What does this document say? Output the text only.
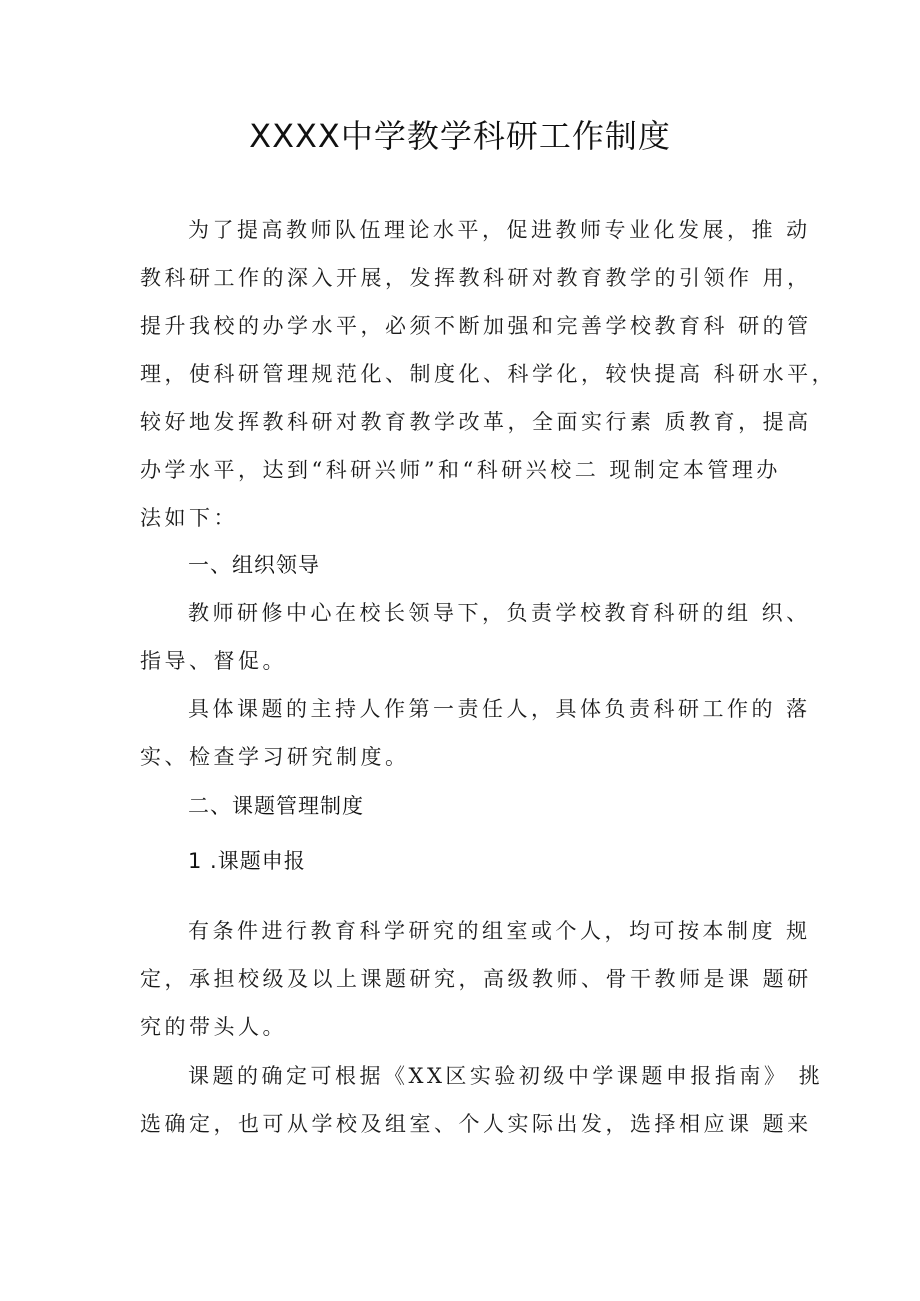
XXXX中学教学科研工作制度
为了提高教师队伍理论水平，促进教师专业化发展，推 动
教科研工作的深入开展，发挥教科研对教育教学的引领作 用，
提升我校的办学水平，必须不断加强和完善学校教育科 研的管
理，使科研管理规范化、制度化、科学化，较快提高 科研水平，
较好地发挥教科研对教育教学改革，全面实行素 质教育，提高
办学水平，达到“科研兴师”和“科研兴校二 现制定本管理办
法如下：
一、组织领导
教师研修中心在校长领导下，负责学校教育科研的组 织、
指导、督促。
具体课题的主持人作第一责任人，具体负责科研工作的 落
实、检查学习研究制度。
二、课题管理制度
1 .课题申报
有条件进行教育科学研究的组室或个人，均可按本制度 规
定，承担校级及以上课题研究，高级教师、骨干教师是课 题研
究的带头人。
课题的确定可根据《XX区实验初级中学课题申报指南》 挑
选确定，也可从学校及组室、个人实际出发，选择相应课 题来
